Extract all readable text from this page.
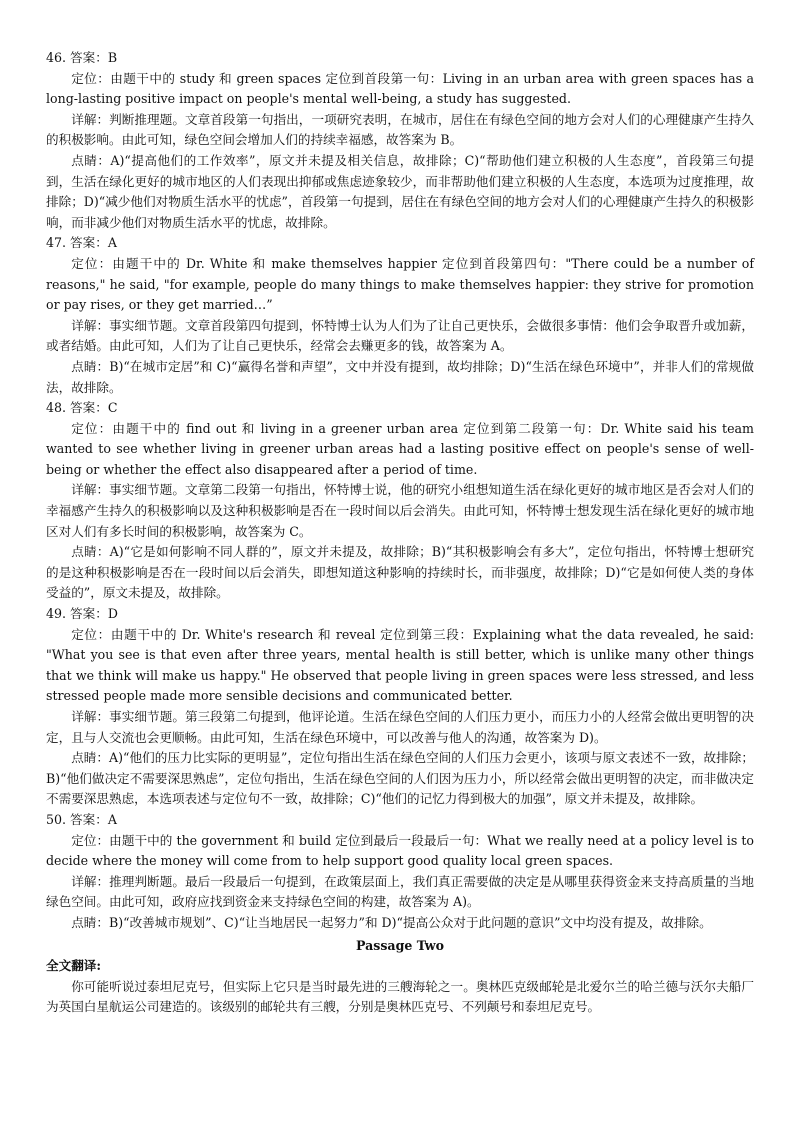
46. 答案：B

定位：由题干中的 study 和 green spaces 定位到首段第一句：Living in an urban area with green spaces has a long-lasting positive impact on people's mental well-being, a study has suggested.

详解：判断推理题。文章首段第一句指出，一项研究表明，在城市，居住在有绿色空间的地方会对人们的心理健康产生持久的积极影响。由此可知，绿色空间会增加人们的持续幸福感，故答案为 B。

点睛：A)“提高他们的工作效率”，原文并未提及相关信息，故排除；C)“帮助他们建立积极的人生态度”，首段第三句提到，生活在绿化更好的城市地区的人们表现出抑郁或焦虑迹象较少，而非帮助他们建立积极的人生态度，本选项为过度推理，故排除；D)“减少他们对物质生活水平的忧虑”，首段第一句提到，居住在有绿色空间的地方会对人们的心理健康产生持久的积极影响，而非减少他们对物质生活水平的忧虑，故排除。

47. 答案：A

定位：由题干中的 Dr. White 和 make themselves happier 定位到首段第四句："There could be a number of reasons," he said, "for example, people do many things to make themselves happier: they strive for promotion or pay rises, or they get married…”

详解：事实细节题。文章首段第四句提到，怀特博士认为人们为了让自己更快乐，会做很多事情：他们会争取晋升或加薪，或者结婚。由此可知，人们为了让自己更快乐，经常会去赚更多的钱，故答案为 A。

点睛：B)“在城市定居”和 C)“赢得名誉和声望”，文中并没有提到，故均排除；D)“生活在绿色环境中”，并非人们的常规做法，故排除。

48. 答案：C

定位：由题干中的 find out 和 living in a greener urban area 定位到第二段第一句：Dr. White said his team wanted to see whether living in greener urban areas had a lasting positive effect on people's sense of well-being or whether the effect also disappeared after a period of time.

详解：事实细节题。文章第二段第一句指出，怀特博士说，他的研究小组想知道生活在绿化更好的城市地区是否会对人们的幸福感产生持久的积极影响以及这种积极影响是否在一段时间以后会消失。由此可知，怀特博士想发现生活在绿化更好的城市地区对人们有多长时间的积极影响，故答案为 C。

点睛：A)“它是如何影响不同人群的”，原文并未提及，故排除；B)“其积极影响会有多大”，定位句指出，怀特博士想研究的是这种积极影响是否在一段时间以后会消失，即想知道这种影响的持续时长，而非强度，故排除；D)“它是如何使人类的身体受益的”，原文未提及，故排除。

49. 答案：D

定位：由题干中的 Dr. White's research 和 reveal 定位到第三段：Explaining what the data revealed, he said: "What you see is that even after three years, mental health is still better, which is unlike many other things that we think will make us happy." He observed that people living in green spaces were less stressed, and less stressed people made more sensible decisions and communicated better.

详解：事实细节题。第三段第二句提到，他评论道。生活在绿色空间的人们压力更小，而压力小的人经常会做出更明智的决定，且与人交流也会更顺畅。由此可知，生活在绿色环境中，可以改善与他人的沟通，故答案为 D)。

点睛：A)“他们的压力比实际的更明显”，定位句指出生活在绿色空间的人们压力会更小，该项与原文表述不一致，故排除；B)“他们做决定不需要深思熟虑”，定位句指出，生活在绿色空间的人们因为压力小，所以经常会做出更明智的决定，而非做决定不需要深思熟虑，本选项表述与定位句不一致，故排除；C)“他们的记忆力得到极大的加强”，原文并未提及，故排除。

50. 答案：A

定位：由题干中的 the government 和 build 定位到最后一段最后一句：What we really need at a policy level is to decide where the money will come from to help support good quality local green spaces.

详解：推理判断题。最后一段最后一句提到，在政策层面上，我们真正需要做的决定是从哪里获得资金来支持高质量的当地绿色空间。由此可知，政府应找到资金来支持绿色空间的构建，故答案为 A)。

点睛：B)“改善城市规划”、C)“让当地居民一起努力”和 D)“提高公众对于此问题的意识”文中均没有提及，故排除。

Passage Two

全文翻译:

你可能听说过泰坦尼克号，但实际上它只是当时最先进的三艘海轮之一。奥林匹克级邮轮是北爱尔兰的哈兰德与沃尔夫船厂为英国白星航运公司建造的。该级别的邮轮共有三艘，分别是奥林匹克号、不列颠号和泰坦尼克号。
